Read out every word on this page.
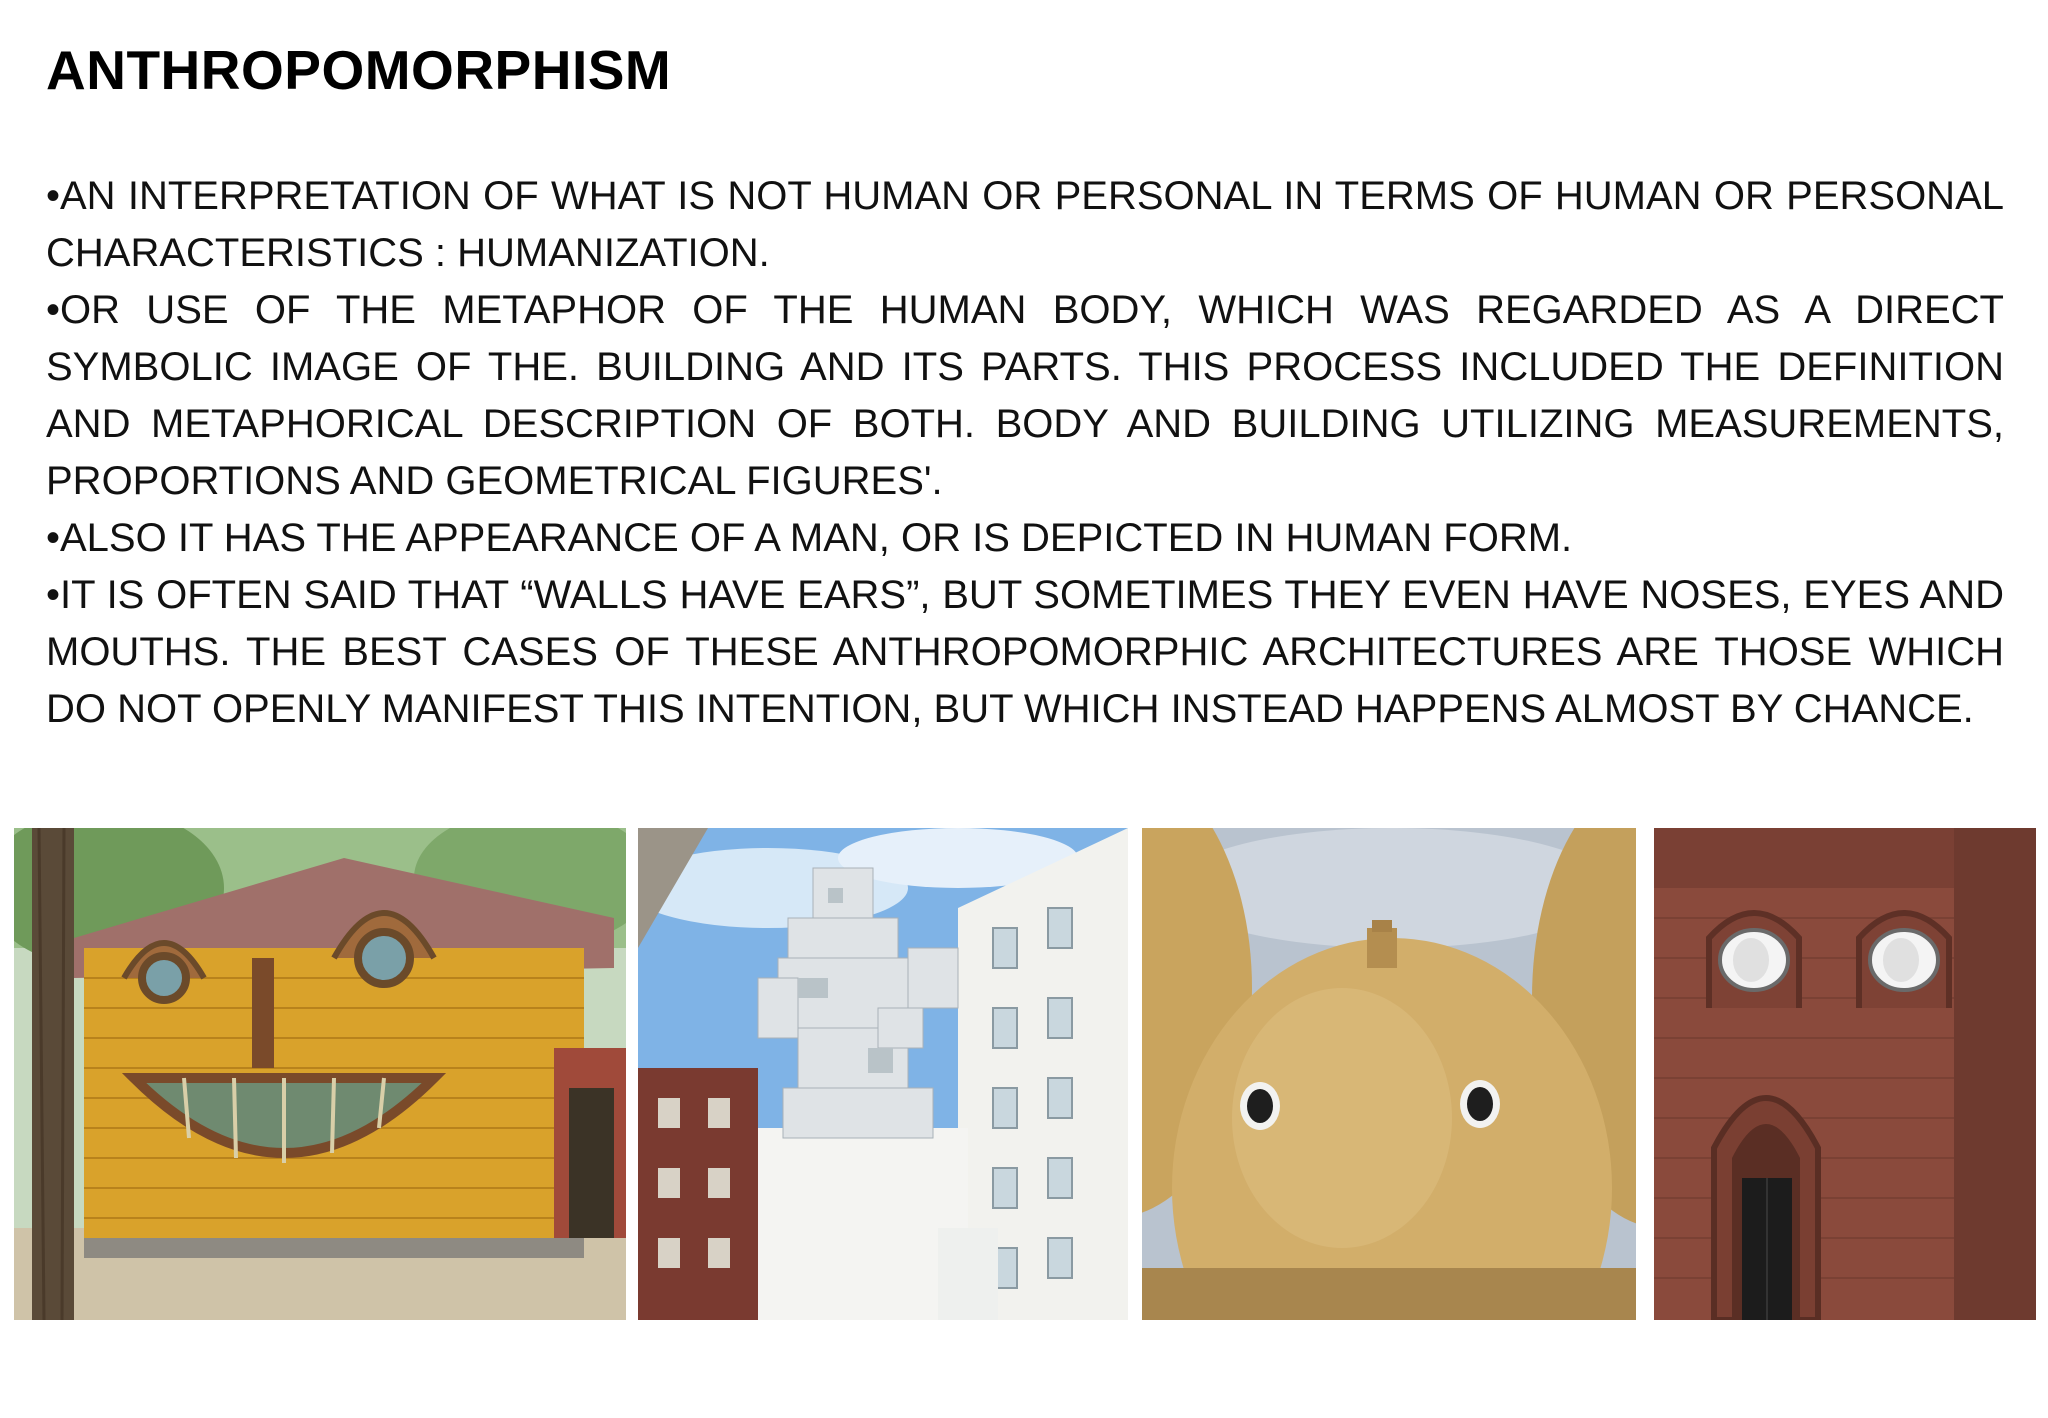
ANTHROPOMORPHISM

•AN INTERPRETATION OF WHAT IS NOT HUMAN OR PERSONAL IN TERMS OF HUMAN OR PERSONAL CHARACTERISTICS : HUMANIZATION.

•OR USE OF THE METAPHOR OF THE HUMAN BODY, WHICH WAS REGARDED AS A DIRECT SYMBOLIC IMAGE OF THE. BUILDING AND ITS PARTS. THIS PROCESS INCLUDED THE DEFINITION AND METAPHORICAL DESCRIPTION OF BOTH. BODY AND BUILDING UTILIZING MEASUREMENTS, PROPORTIONS AND GEOMETRICAL FIGURES'.

•ALSO IT HAS THE APPEARANCE OF A MAN, OR IS DEPICTED IN HUMAN FORM.

•IT IS OFTEN SAID THAT “WALLS HAVE EARS”, BUT SOMETIMES THEY EVEN HAVE NOSES, EYES AND MOUTHS. THE BEST CASES OF THESE ANTHROPOMORPHIC ARCHITECTURES ARE THOSE WHICH DO NOT OPENLY MANIFEST THIS INTENTION, BUT WHICH INSTEAD HAPPENS ALMOST BY CHANCE.
